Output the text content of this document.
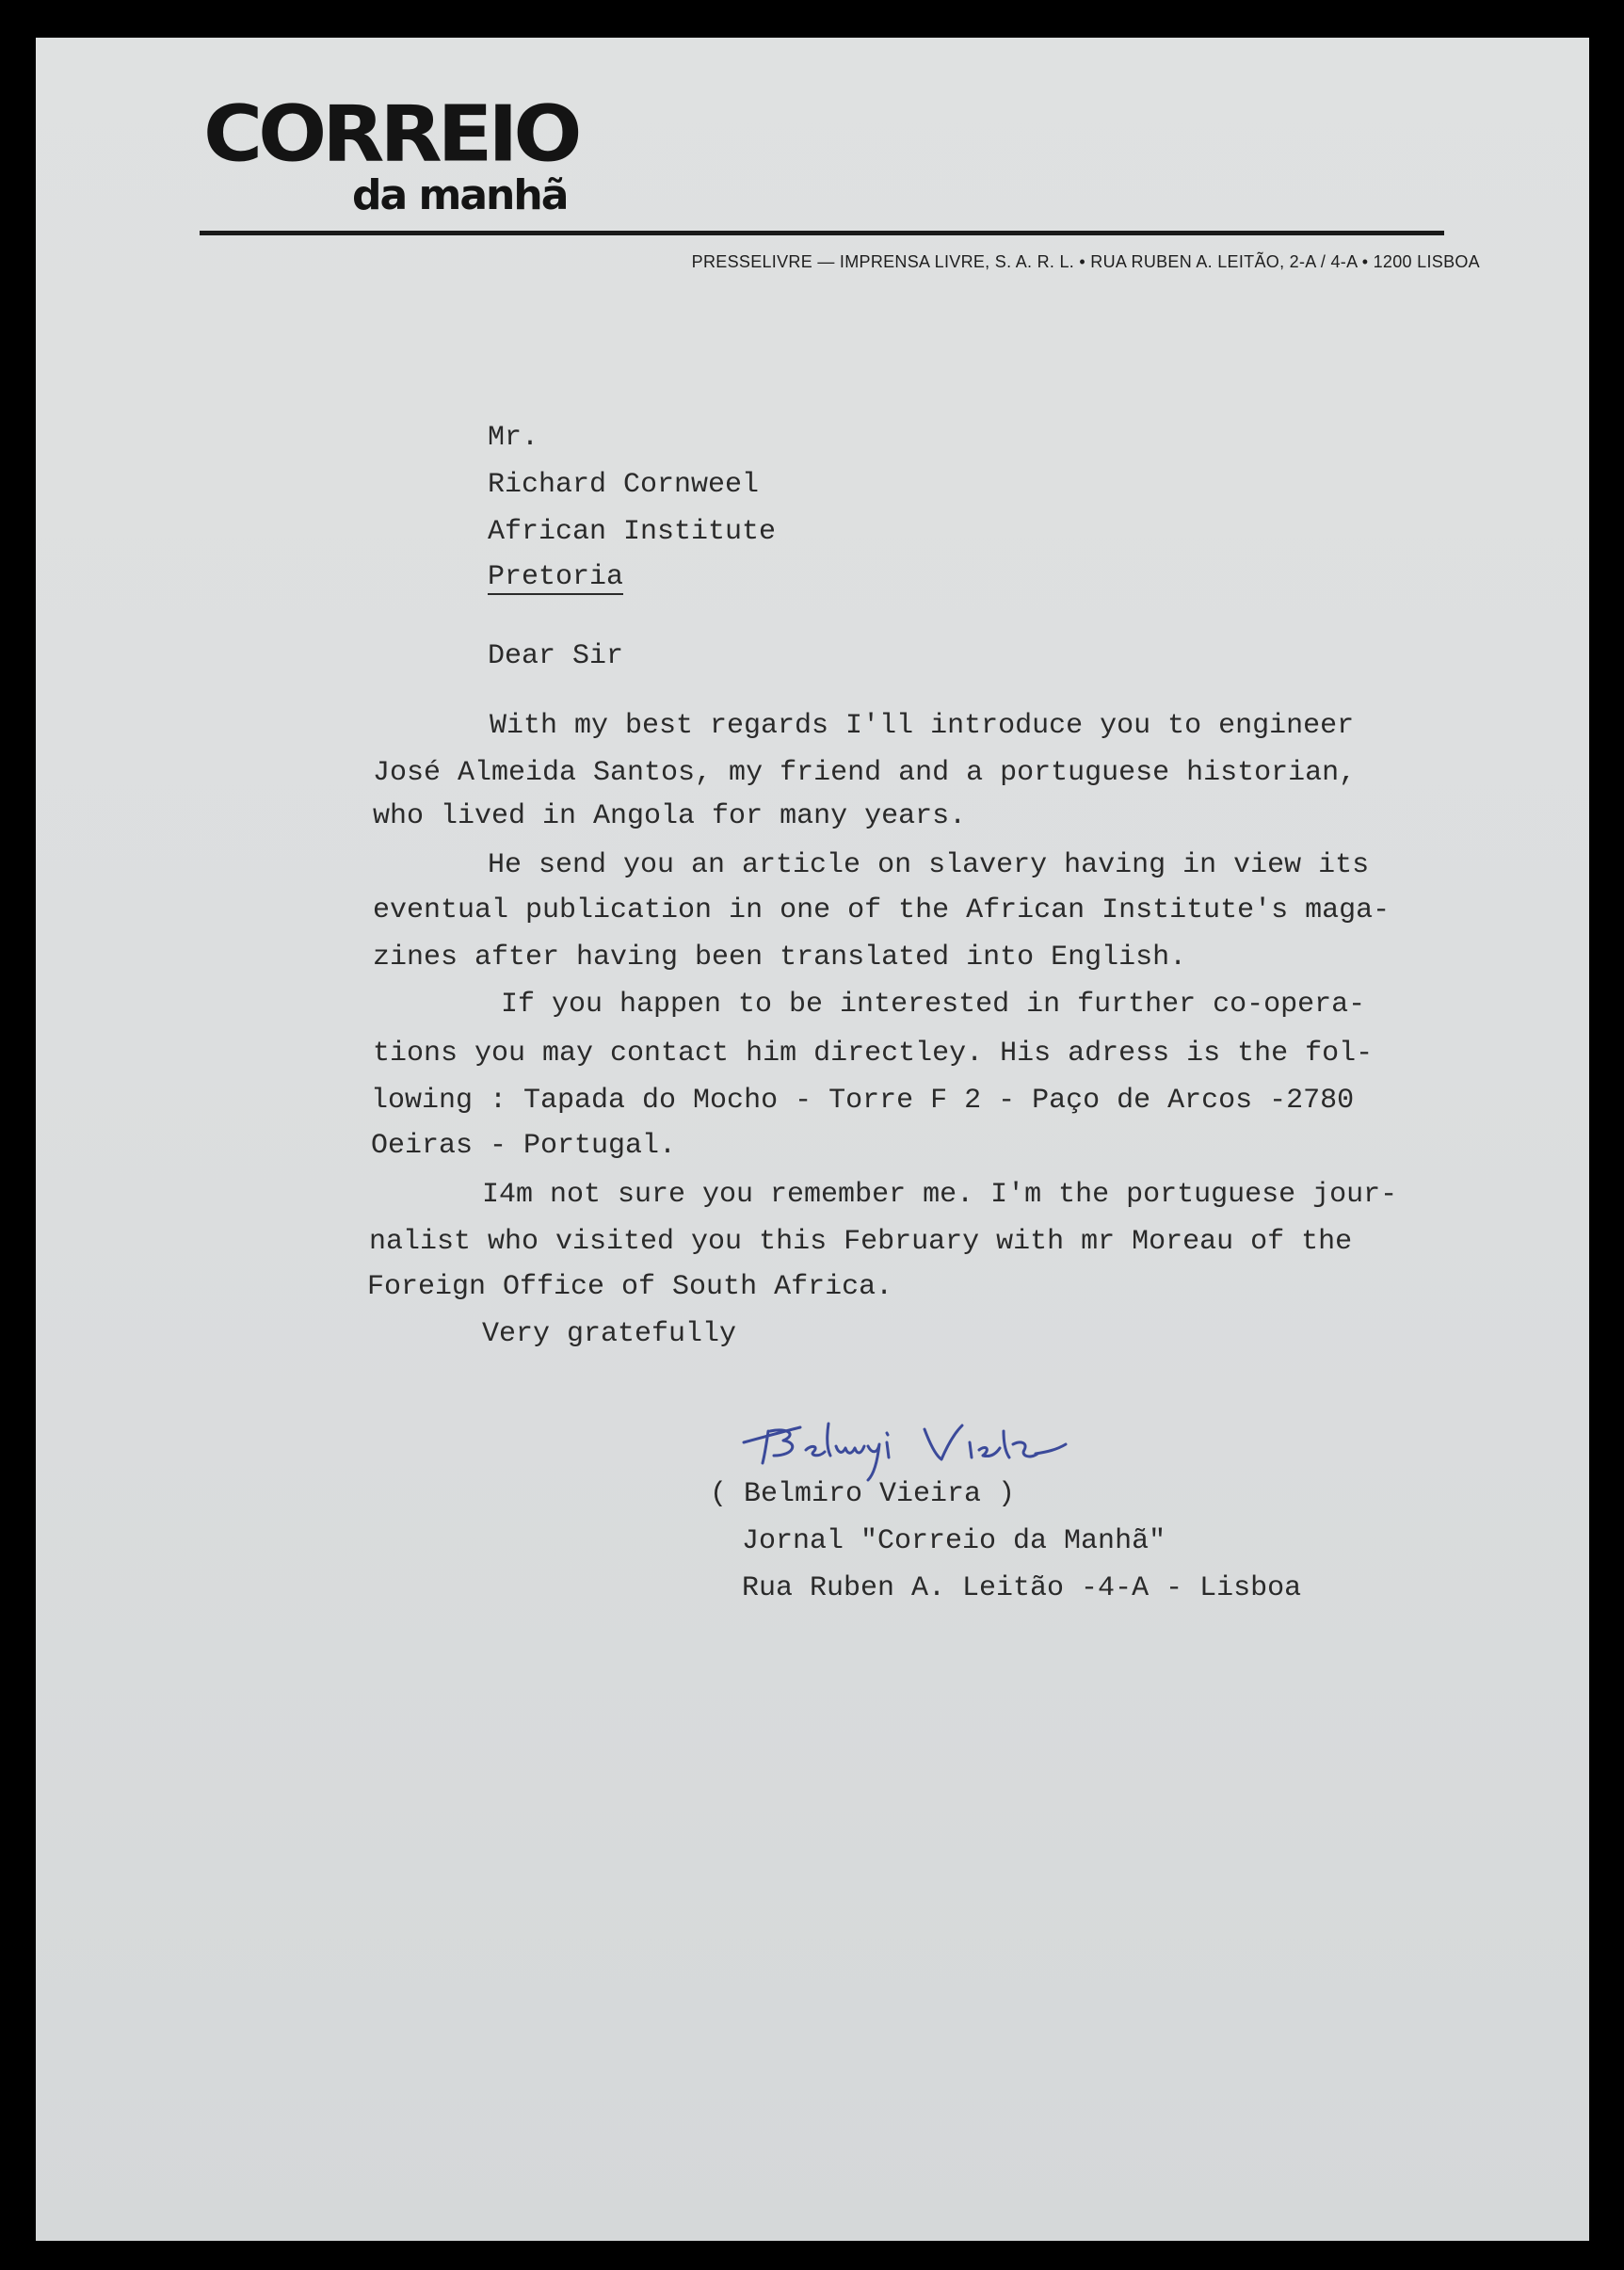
CORREIO
da manhã
PRESSELIVRE — IMPRENSA LIVRE, S. A. R. L. • RUA RUBEN A. LEITÃO, 2-A / 4-A • 1200 LISBOA
Mr.
Richard Cornweel
African Institute
Pretoria
Dear Sir
With my best regards I'll introduce you to engineer
José Almeida Santos, my friend and a portuguese historian,
who lived in Angola for many years.
He send you an article on slavery having in view its
eventual publication in one of the African Institute's maga-
zines after having been translated into English.
If you happen to be interested in further co-opera-
tions you may contact him directley. His adress is the fol-
lowing : Tapada do Mocho - Torre F 2 - Paço de Arcos -2780
Oeiras - Portugal.
I4m not sure you remember me. I'm the portuguese jour-
nalist who visited you this February with mr Moreau of the
Foreign Office of South Africa.
Very gratefully
( Belmiro Vieira )
Jornal "Correio da Manhã"
Rua Ruben A. Leitão -4-A - Lisboa
